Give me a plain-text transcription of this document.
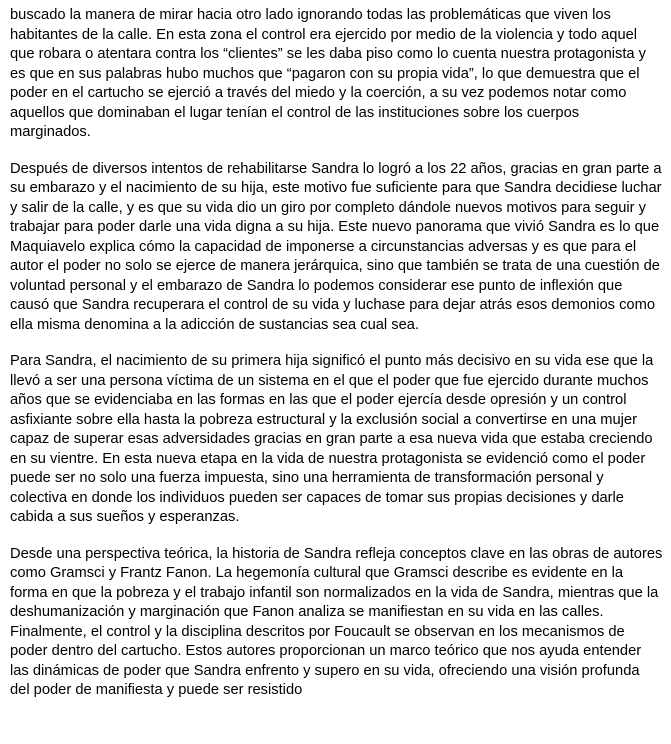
buscado la manera de mirar hacia otro lado ignorando todas las problemáticas que viven los habitantes de la calle. En esta zona el control era ejercido por medio de la violencia y todo aquel que robara o atentara contra los “clientes” se les daba piso como lo cuenta nuestra protagonista y es que en sus palabras hubo muchos que “pagaron con su propia vida”, lo que demuestra que el poder en el cartucho se ejerció a través del miedo y la coerción, a su vez podemos notar como aquellos que dominaban el lugar tenían el control de las instituciones sobre los cuerpos marginados.

Después de diversos intentos de rehabilitarse Sandra lo logró a los 22 años, gracias en gran parte a su embarazo y el nacimiento de su hija, este motivo fue suficiente para que Sandra decidiese luchar y salir de la calle, y es que su vida dio un giro por completo dándole nuevos motivos para seguir y trabajar para poder darle una vida digna a su hija. Este nuevo panorama que vivió Sandra es lo que Maquiavelo explica cómo la capacidad de imponerse a circunstancias adversas y es que para el autor el poder no solo se ejerce de manera jerárquica, sino que también se trata de una cuestión de voluntad personal y el embarazo de Sandra lo podemos considerar ese punto de inflexión que causó que Sandra recuperara el control de su vida y luchase para dejar atrás esos demonios como ella misma denomina a la adicción de sustancias sea cual sea.

Para Sandra, el nacimiento de su primera hija significó el punto más decisivo en su vida ese que la llevó a ser una persona víctima de un sistema en el que el poder que fue ejercido durante muchos años que se evidenciaba en las formas en las que el poder ejercía desde opresión y un control asfixiante sobre ella hasta la pobreza estructural y la exclusión social a convertirse en una mujer capaz de superar esas adversidades gracias en gran parte a esa nueva vida que estaba creciendo en su vientre. En esta nueva etapa en la vida de nuestra protagonista se evidenció como el poder puede ser no solo una fuerza impuesta, sino una herramienta de transformación personal y colectiva en donde los individuos pueden ser capaces de tomar sus propias decisiones y darle cabida a sus sueños y esperanzas.

Desde una perspectiva teórica, la historia de Sandra refleja conceptos clave en las obras de autores como Gramsci y Frantz Fanon. La hegemonía cultural que Gramsci describe es evidente en la forma en que la pobreza y el trabajo infantil son normalizados en la vida de Sandra, mientras que la deshumanización y marginación que Fanon analiza se manifiestan en su vida en las calles. Finalmente, el control y la disciplina descritos por Foucault se observan en los mecanismos de poder dentro del cartucho. Estos autores proporcionan un marco teórico que nos ayuda entender las dinámicas de poder que Sandra enfrento y supero en su vida, ofreciendo una visión profunda del poder de manifiesta y puede ser resistido
